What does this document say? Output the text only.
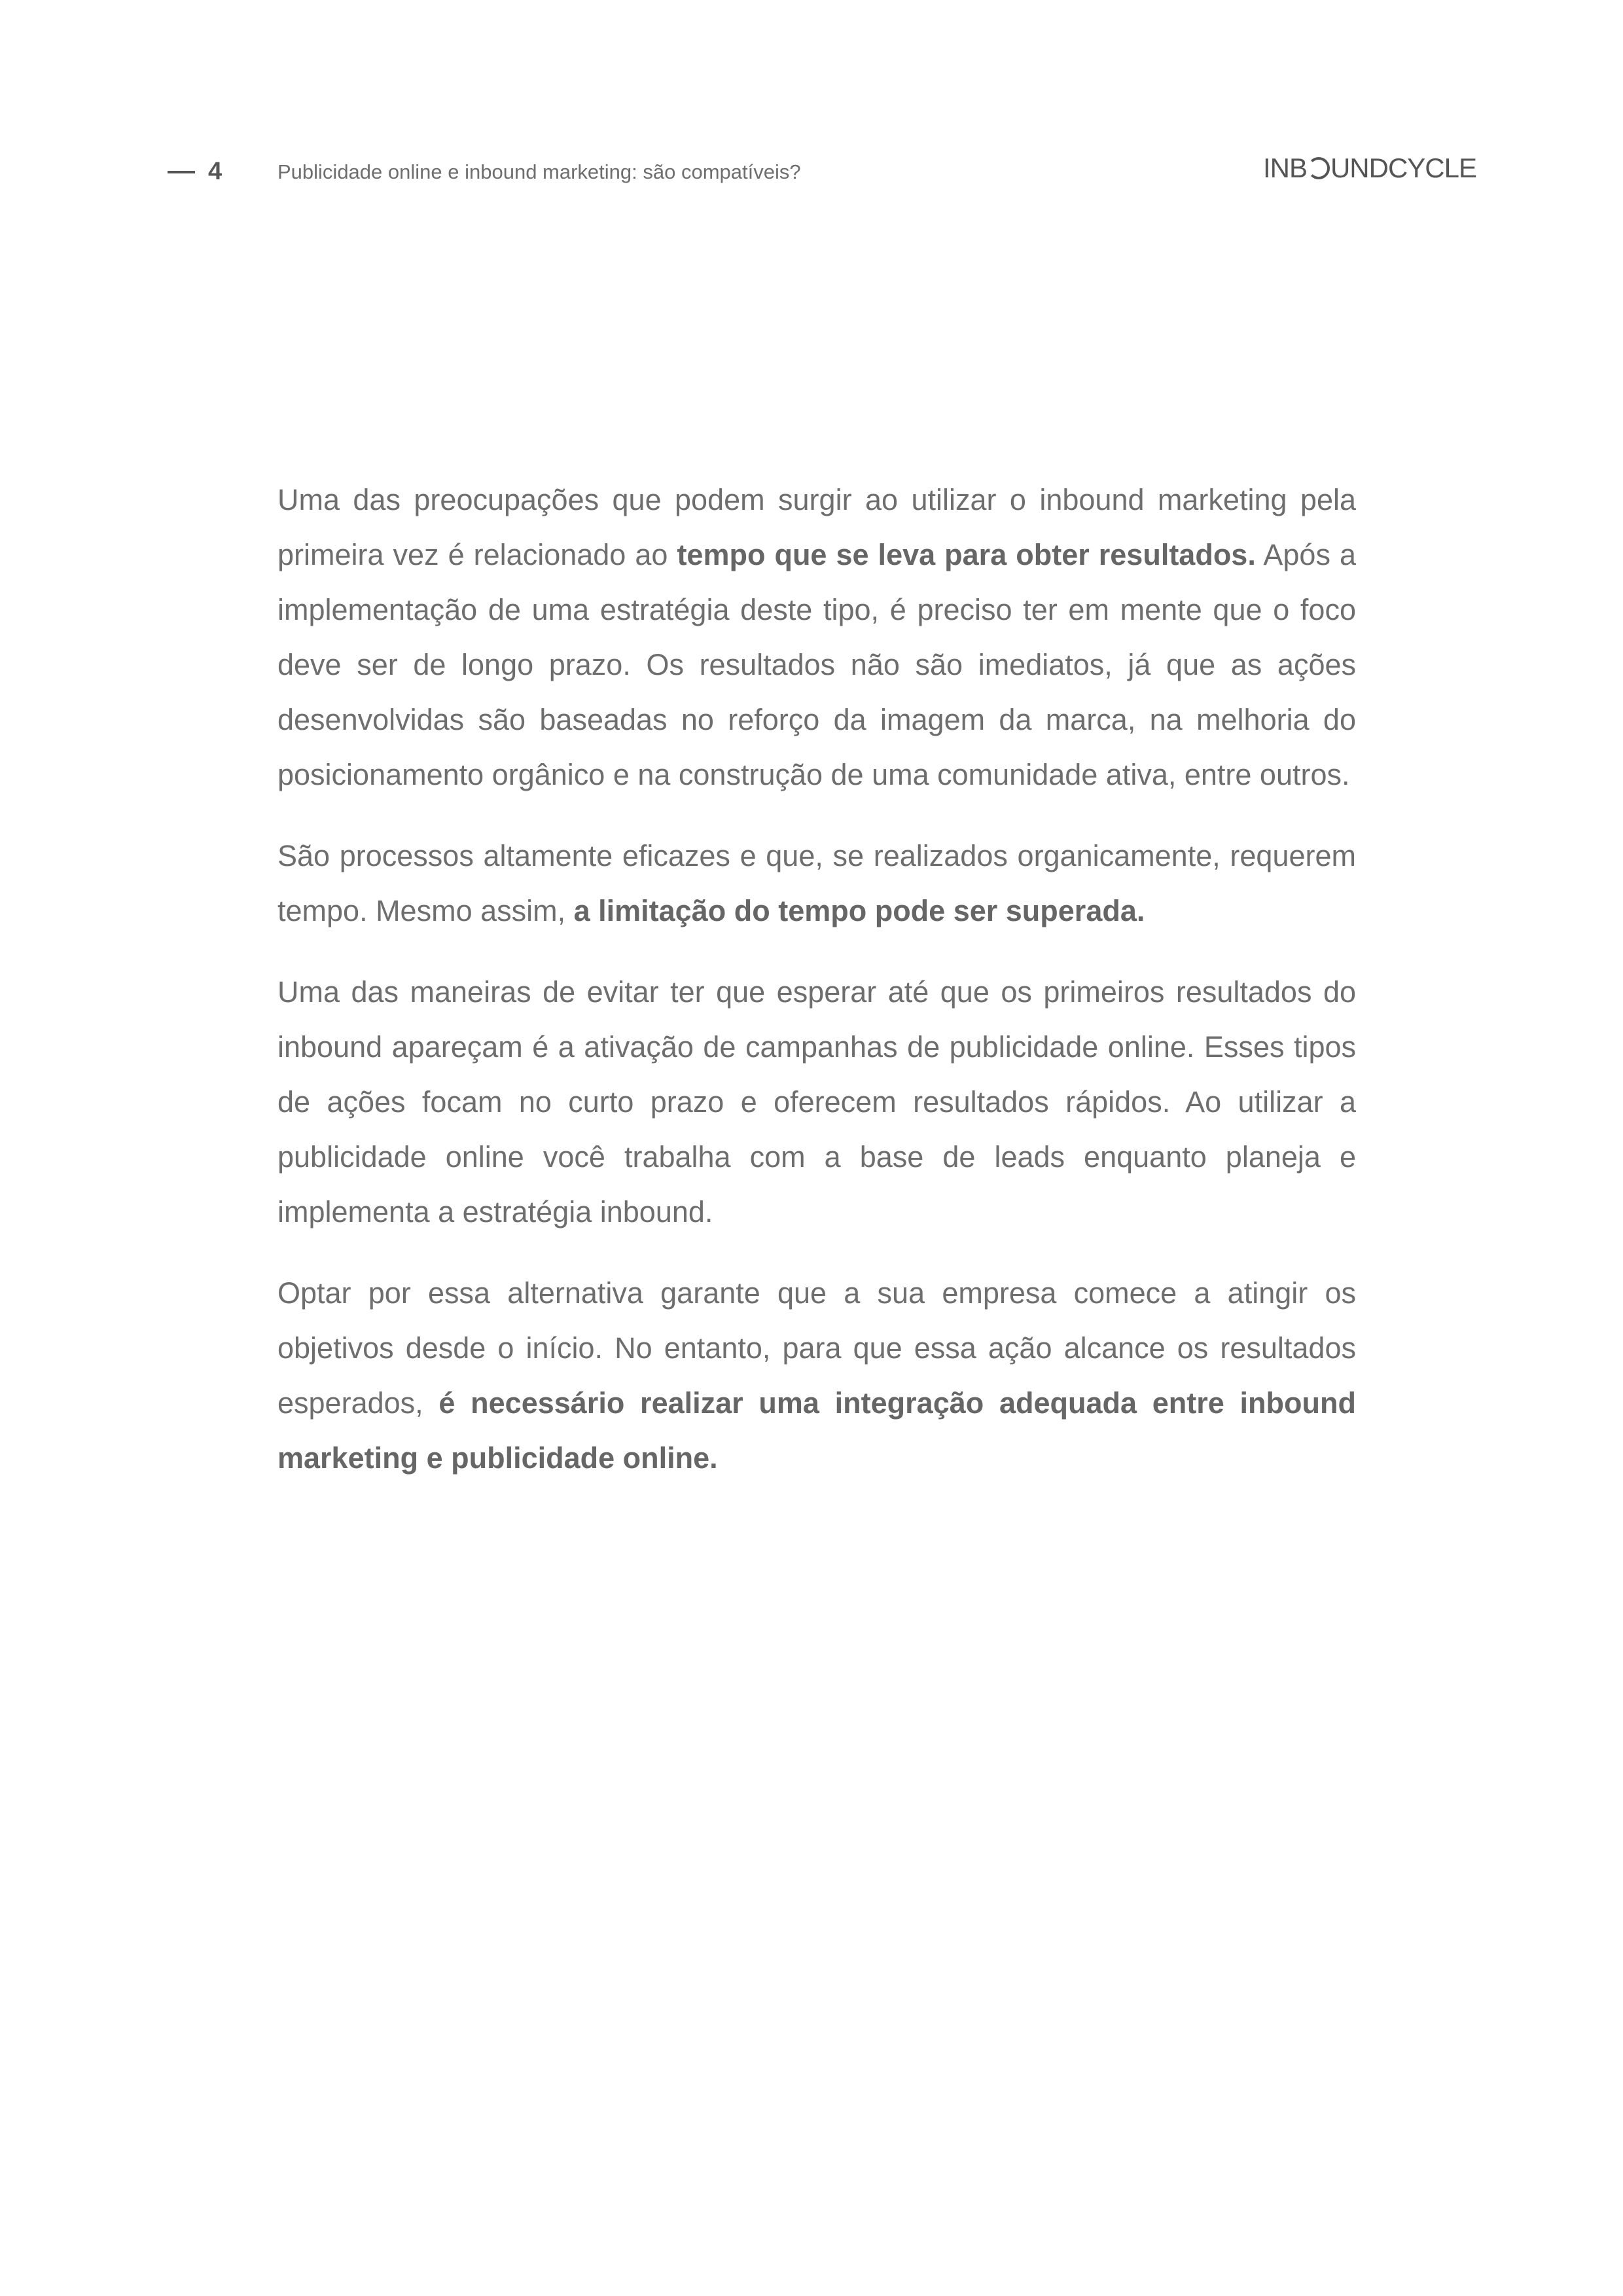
4	Publicidade online e inbound marketing: são compatíveis?	INB UNDCYCLE

Uma das preocupações que podem surgir ao utilizar o inbound marketing pela primeira vez é relacionado ao tempo que se leva para obter resultados. Após a implementação de uma estratégia deste tipo, é preciso ter em mente que o foco deve ser de longo prazo. Os resultados não são imediatos, já que as ações desenvolvidas são baseadas no reforço da imagem da marca, na melhoria do posicionamento orgânico e na construção de uma comunidade ativa, entre outros.

São processos altamente eficazes e que, se realizados organicamente, requerem tempo. Mesmo assim, a limitação do tempo pode ser superada.

Uma das maneiras de evitar ter que esperar até que os primeiros resultados do inbound apareçam é a ativação de campanhas de publicidade online. Esses tipos de ações focam no curto prazo e oferecem resultados rápidos. Ao utilizar a publicidade online você trabalha com a base de leads enquanto planeja e implementa a estratégia inbound.

Optar por essa alternativa garante que a sua empresa comece a atingir os objetivos desde o início. No entanto, para que essa ação alcance os resultados esperados, é necessário realizar uma integração adequada entre inbound marketing e publicidade online.
